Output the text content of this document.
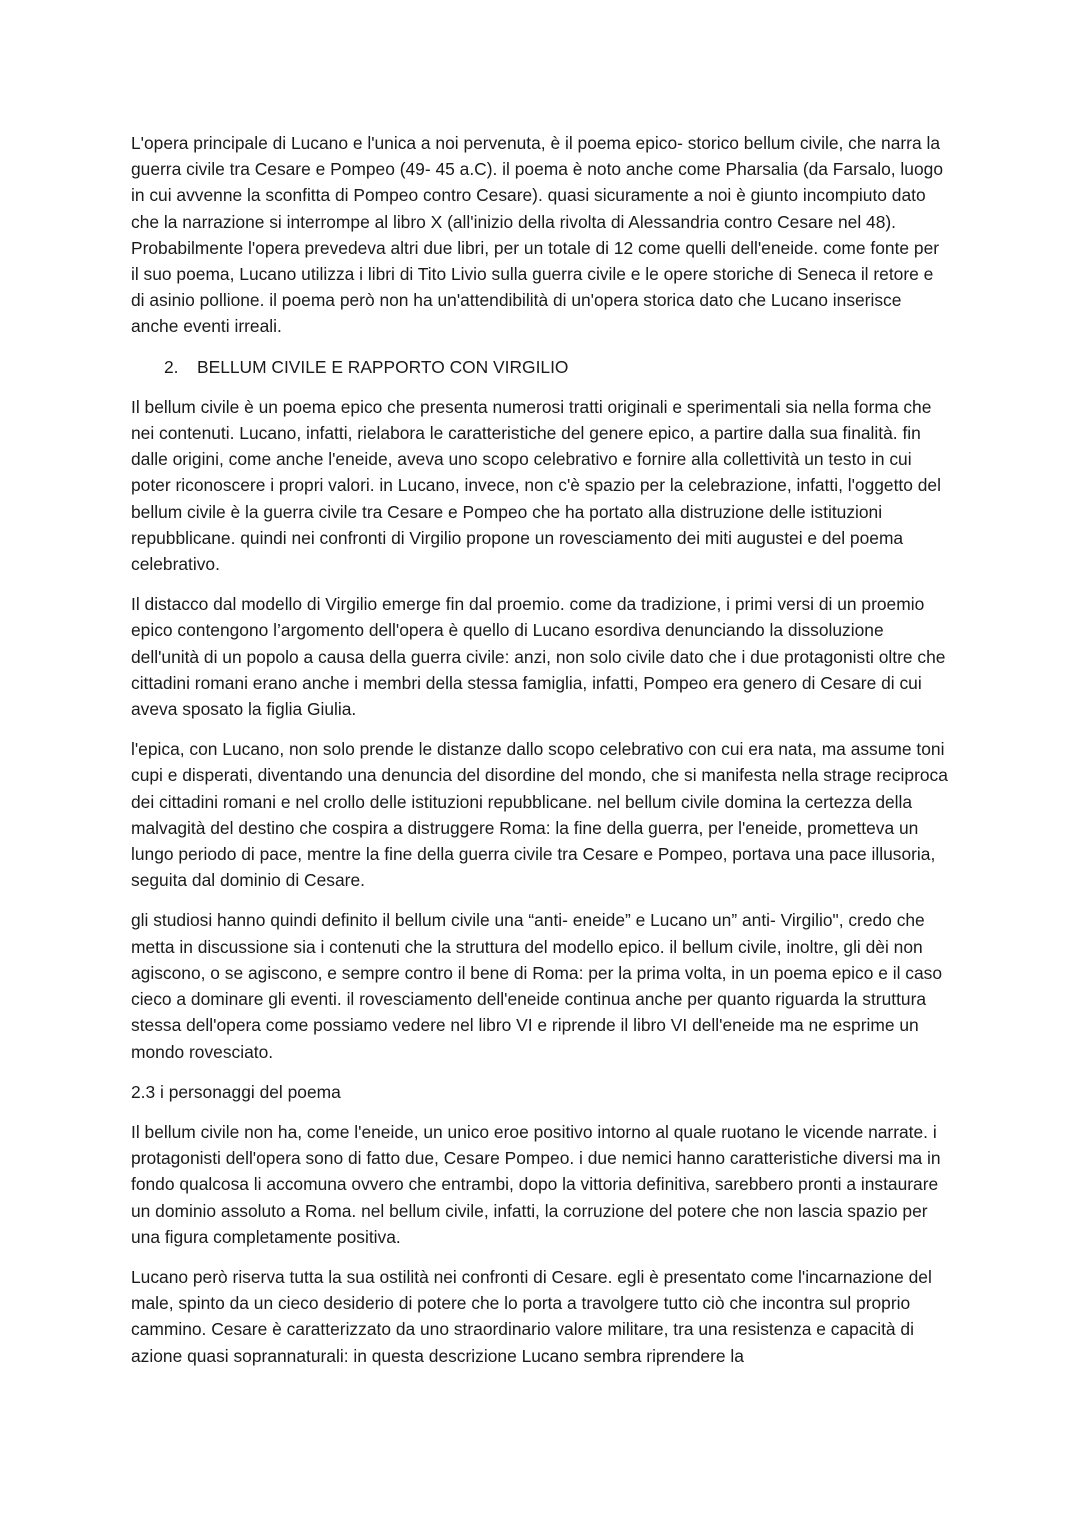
L'opera principale di Lucano e l'unica a noi pervenuta, è il poema epico- storico bellum civile, che narra la guerra civile tra Cesare e Pompeo (49- 45 a.C). il poema è noto anche come Pharsalia (da Farsalo, luogo in cui avvenne la sconfitta di Pompeo contro Cesare). quasi sicuramente a noi è giunto incompiuto dato che la narrazione si interrompe al libro X (all'inizio della rivolta di Alessandria contro Cesare nel 48). Probabilmente l'opera prevedeva altri due libri, per un totale di 12 come quelli dell'eneide. come fonte per il suo poema, Lucano utilizza i libri di Tito Livio sulla guerra civile e le opere storiche di Seneca il retore e di asinio pollione. il poema però non ha un'attendibilità di un'opera storica dato che Lucano inserisce anche eventi irreali.

2.	BELLUM CIVILE E RAPPORTO CON VIRGILIO

Il bellum civile è un poema epico che presenta numerosi tratti originali e sperimentali sia nella forma che nei contenuti. Lucano, infatti, rielabora le caratteristiche del genere epico, a partire dalla sua finalità. fin dalle origini, come anche l'eneide, aveva uno scopo celebrativo e fornire alla collettività un testo in cui poter riconoscere i propri valori. in Lucano, invece, non c'è spazio per la celebrazione, infatti, l'oggetto del bellum civile è la guerra civile tra Cesare e Pompeo che ha portato alla distruzione delle istituzioni repubblicane. quindi nei confronti di Virgilio propone un rovesciamento dei miti augustei e del poema celebrativo.

Il distacco dal modello di Virgilio emerge fin dal proemio. come da tradizione, i primi versi di un proemio epico contengono l’argomento dell'opera è quello di Lucano esordiva denunciando la dissoluzione dell'unità di un popolo a causa della guerra civile: anzi, non solo civile dato che i due protagonisti oltre che cittadini romani erano anche i membri della stessa famiglia, infatti, Pompeo era genero di Cesare di cui aveva sposato la figlia Giulia.

l'epica, con Lucano, non solo prende le distanze dallo scopo celebrativo con cui era nata, ma assume toni cupi e disperati, diventando una denuncia del disordine del mondo, che si manifesta nella strage reciproca dei cittadini romani e nel crollo delle istituzioni repubblicane. nel bellum civile domina la certezza della malvagità del destino che cospira a distruggere Roma: la fine della guerra, per l'eneide, prometteva un lungo periodo di pace, mentre la fine della guerra civile tra Cesare e Pompeo, portava una pace illusoria, seguita dal dominio di Cesare.

gli studiosi hanno quindi definito il bellum civile una “anti- eneide” e Lucano un” anti- Virgilio", credo che metta in discussione sia i contenuti che la struttura del modello epico. il bellum civile, inoltre, gli dèi non agiscono, o se agiscono, e sempre contro il bene di Roma: per la prima volta, in un poema epico e il caso cieco a dominare gli eventi. il rovesciamento dell'eneide continua anche per quanto riguarda la struttura stessa dell'opera come possiamo vedere nel libro VI e riprende il libro VI dell'eneide ma ne esprime un mondo rovesciato.

2.3 i personaggi del poema

Il bellum civile non ha, come l'eneide, un unico eroe positivo intorno al quale ruotano le vicende narrate. i protagonisti dell'opera sono di fatto due, Cesare Pompeo. i due nemici hanno caratteristiche diversi ma in fondo qualcosa li accomuna ovvero che entrambi, dopo la vittoria definitiva, sarebbero pronti a instaurare un dominio assoluto a Roma. nel bellum civile, infatti, la corruzione del potere che non lascia spazio per una figura completamente positiva.

Lucano però riserva tutta la sua ostilità nei confronti di Cesare. egli è presentato come l'incarnazione del male, spinto da un cieco desiderio di potere che lo porta a travolgere tutto ciò che incontra sul proprio cammino. Cesare è caratterizzato da uno straordinario valore militare, tra una resistenza e capacità di azione quasi soprannaturali: in questa descrizione Lucano sembra riprendere la
